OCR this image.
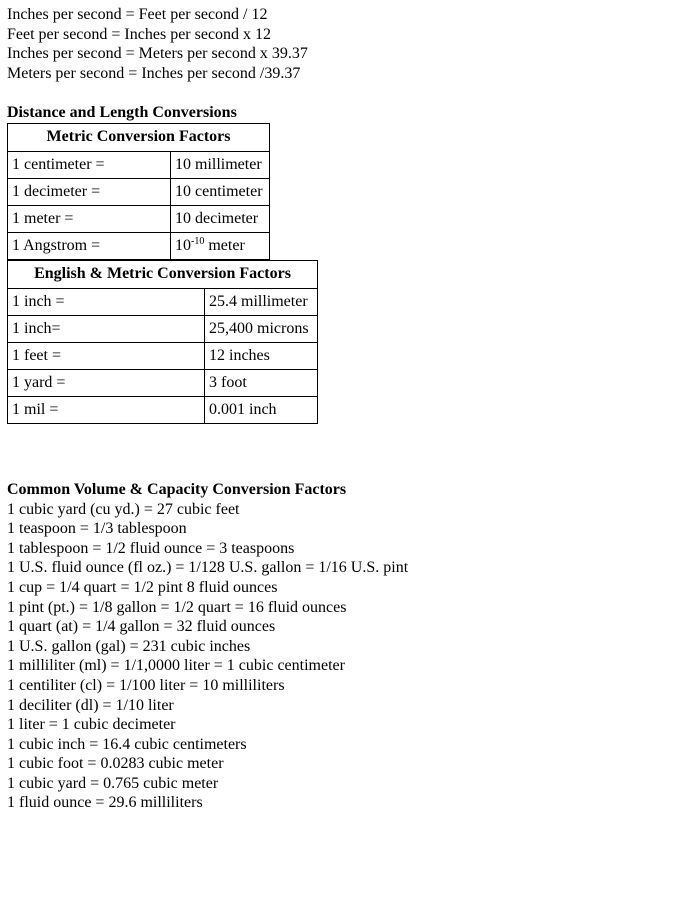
Inches per second = Feet per second / 12
Feet per second = Inches per second x 12
Inches per second = Meters per second x 39.37
Meters per second = Inches per second /39.37
Distance and Length Conversions
Metric Conversion Factors	
1 centimeter =	10 millimeter
1 decimeter =	10 centimeter
1 meter =	10 decimeter
1 Angstrom =	$10^{-10}$ meter
English & Metric Conversion Factors	
1 inch =	25.4 millimeter
1 inch=	25,400 microns
1 feet =	12 inches
1 yard =	3 foot
1 mil =	0.001 inch
Common Volume & Capacity Conversion Factors
1 cubic yard (cu yd.) = 27 cubic feet
1 teaspoon = 1/3 tablespoon
1 tablespoon = 1/2 fluid ounce = 3 teaspoons
1 U.S. fluid ounce (fl oz.) = 1/128 U.S. gallon = 1/16 U.S. pint
1 cup = 1/4 quart = 1/2 pint 8 fluid ounces
1 pint (pt.) = 1/8 gallon = 1/2 quart = 16 fluid ounces
1 quart (at) = 1/4 gallon = 32 fluid ounces
1 U.S. gallon (gal) = 231 cubic inches
1 milliliter (ml) = 1/1,0000 liter = 1 cubic centimeter
1 centiliter (cl) = 1/100 liter = 10 milliliters
1 deciliter (dl) = 1/10 liter
1 liter = 1 cubic decimeter
1 cubic inch = 16.4 cubic centimeters
1 cubic foot = 0.0283 cubic meter
1 cubic yard = 0.765 cubic meter
1 fluid ounce = 29.6 milliliters
